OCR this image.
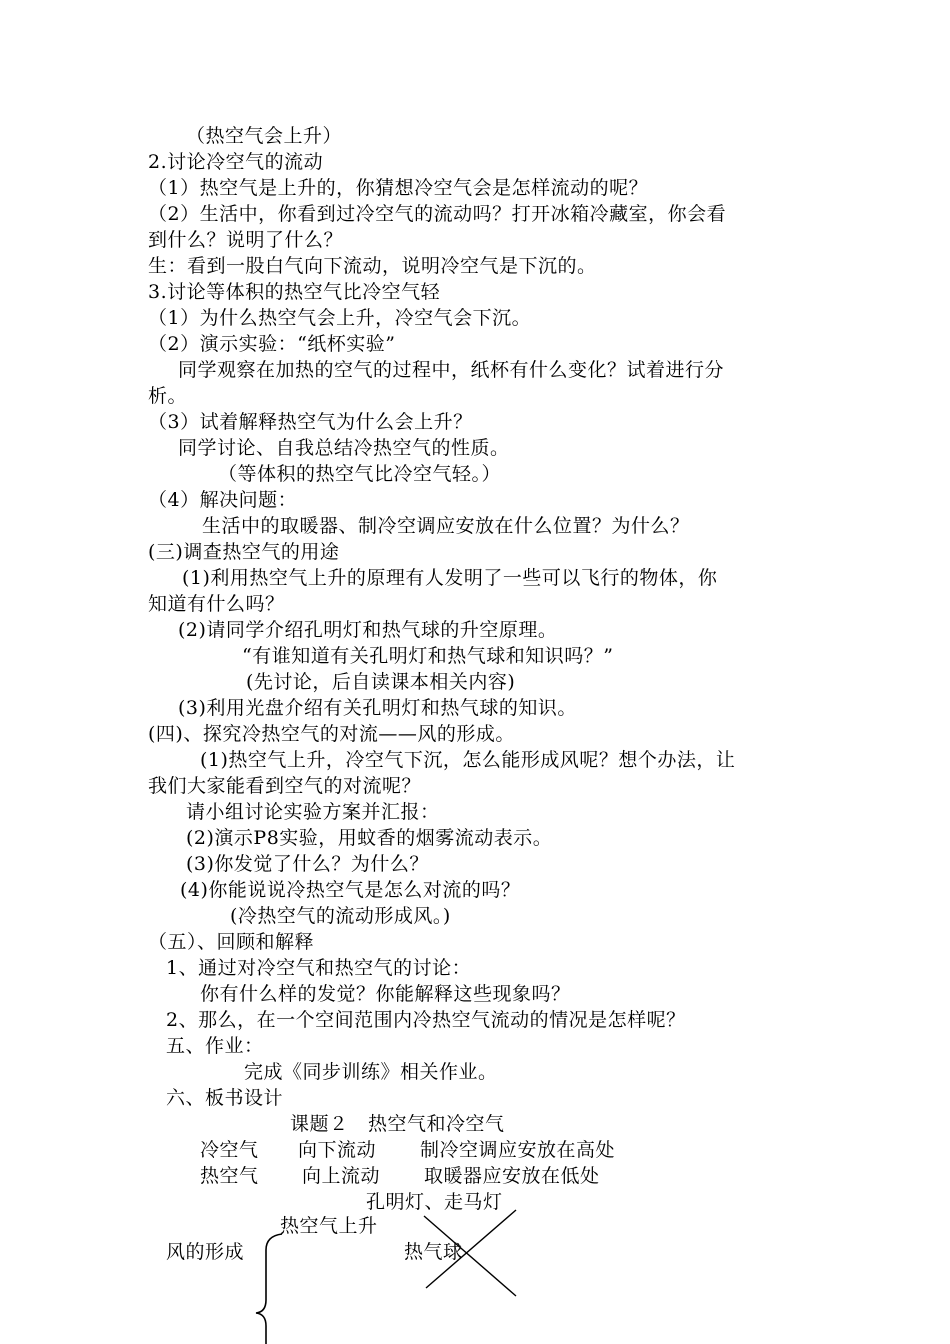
（热空气会上升）
2.讨论冷空气的流动
（1）热空气是上升的，你猜想冷空气会是怎样流动的呢？
（2）生活中，你看到过冷空气的流动吗？打开冰箱冷藏室，你会看
到什么？说明了什么？
生：看到一股白气向下流动，说明冷空气是下沉的。
3.讨论等体积的热空气比冷空气轻
（1）为什么热空气会上升，冷空气会下沉。
（2）演示实验：“纸杯实验”
同学观察在加热的空气的过程中，纸杯有什么变化？试着进行分
析。
（3）试着解释热空气为什么会上升？
同学讨论、自我总结冷热空气的性质。
（等体积的热空气比冷空气轻。）
（4）解决问题：
生活中的取暖器、制冷空调应安放在什么位置？为什么？
(三)调查热空气的用途
(1)利用热空气上升的原理有人发明了一些可以飞行的物体，你
知道有什么吗？
(2)请同学介绍孔明灯和热气球的升空原理。
“有谁知道有关孔明灯和热气球和知识吗？”
(先讨论，后自读课本相关内容)
(3)利用光盘介绍有关孔明灯和热气球的知识。
(四)、探究冷热空气的对流——风的形成。
(1)热空气上升，冷空气下沉，怎么能形成风呢？想个办法，让
我们大家能看到空气的对流呢？
请小组讨论实验方案并汇报：
(2)演示P8实验，用蚊香的烟雾流动表示。
(3)你发觉了什么？为什么？
(4)你能说说冷热空气是怎么对流的吗？
(冷热空气的流动形成风。)
（五）、回顾和解释
1、通过对冷空气和热空气的讨论：
你有什么样的发觉？你能解释这些现象吗？
2、那么，在一个空间范围内冷热空气流动的情况是怎样呢？
五、作业：
完成《同步训练》相关作业。
六、板书设计
课题２　热空气和冷空气
冷空气 向下流动 制冷空调应安放在高处
热空气 向上流动 取暖器应安放在低处
孔明灯、走马灯
热空气上升
风的形成	热气球
